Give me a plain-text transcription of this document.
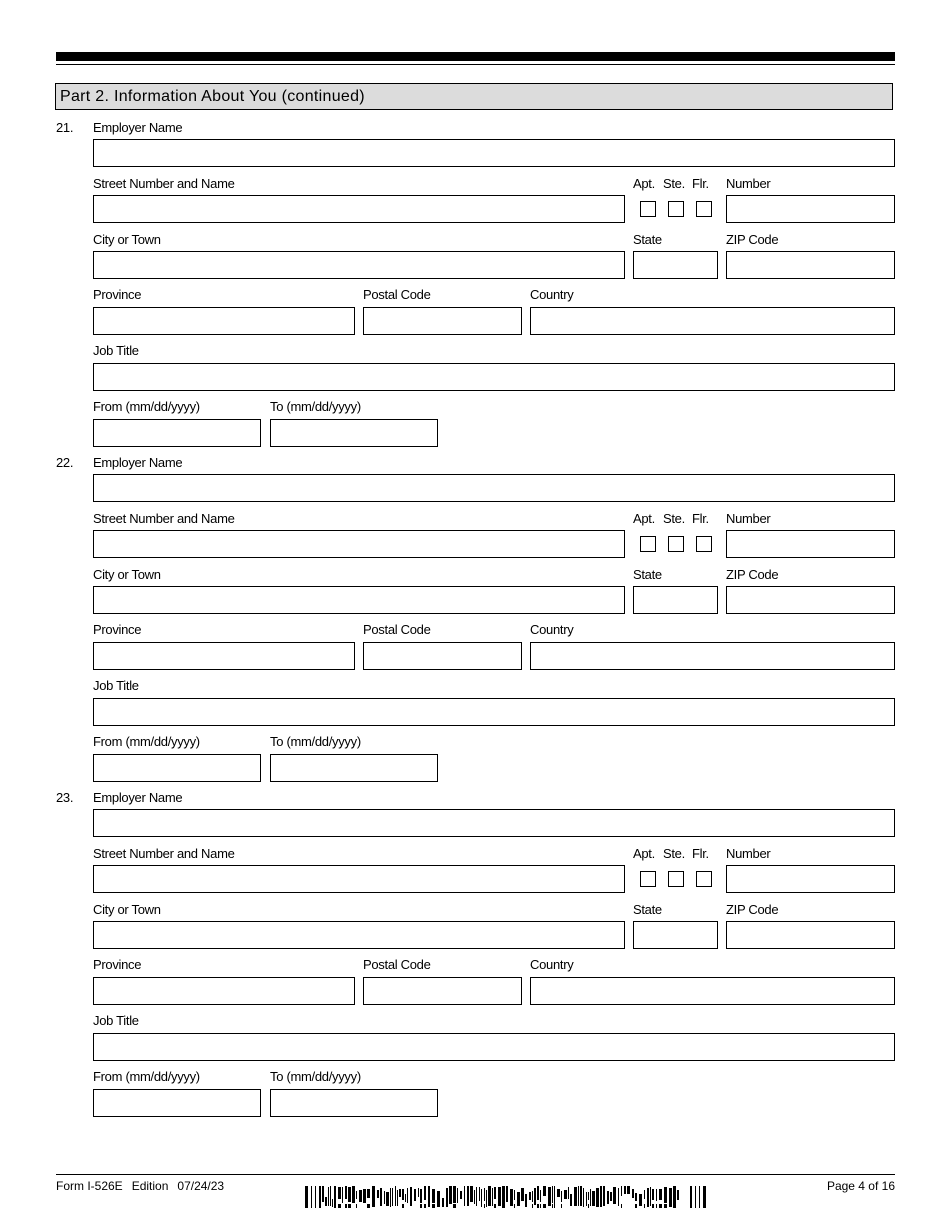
Part 2. Information About You (continued)
21. Employer Name
Street Number and Name	Apt. Ste. Flr. Number
City or Town	State	ZIP Code
Province	Postal Code	Country
Job Title
From (mm/dd/yyyy)	To (mm/dd/yyyy)
22. Employer Name
Street Number and Name	Apt. Ste. Flr. Number
City or Town	State	ZIP Code
Province	Postal Code	Country
Job Title
From (mm/dd/yyyy)	To (mm/dd/yyyy)
23. Employer Name
Street Number and Name	Apt. Ste. Flr. Number
City or Town	State	ZIP Code
Province	Postal Code	Country
Job Title
From (mm/dd/yyyy)	To (mm/dd/yyyy)
Form I-526E Edition 07/24/23	Page 4 of 16
